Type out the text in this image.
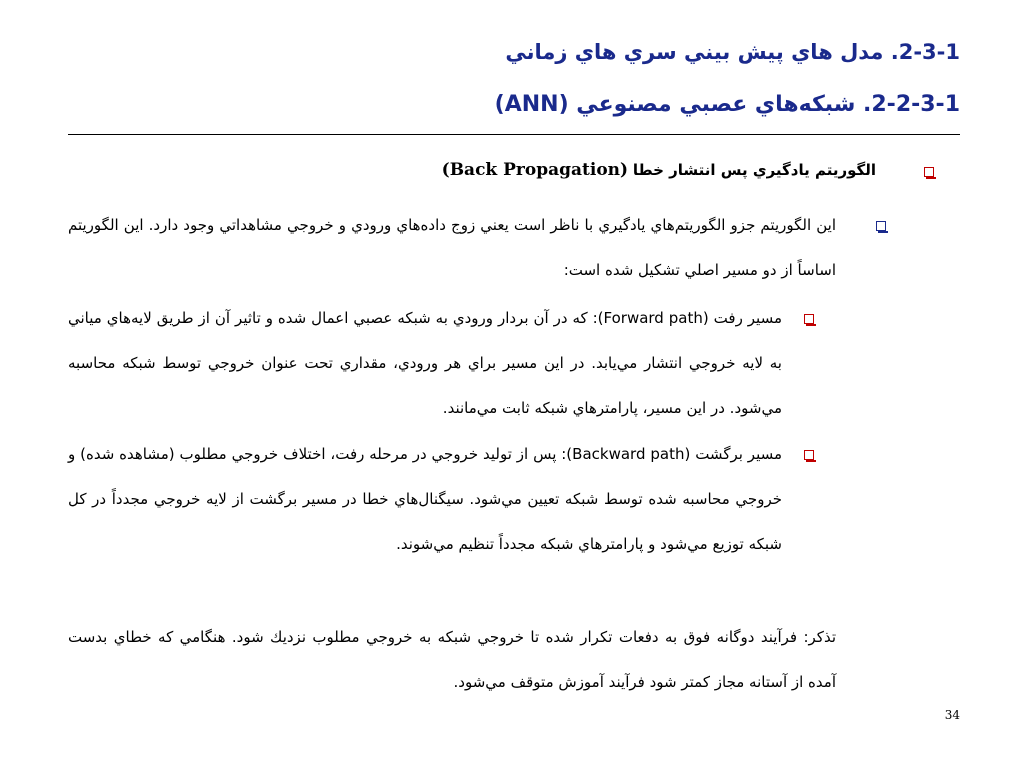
2-3-1. مدل هاي پيش بيني سري هاي زماني
2-2-3-1. شبکه‌هاي عصبي مصنوعي (ANN)
الگوريتم يادگيري پس انتشار خطا (Back Propagation)
اين الگوريتم جزو الگوريتم‌هاي يادگيري با ناظر است يعني زوج داده‌هاي ورودي و خروجي مشاهداتي وجود دارد. اين الگوريتم اساساً از دو مسير اصلي تشکيل شده است:
مسير رفت (Forward path): که در آن بردار ورودي به شبکه عصبي اعمال شده و تاثير آن از طريق لايه‌هاي مياني به لايه خروجي انتشار مي‌يابد. در اين مسير براي هر ورودي، مقداري تحت عنوان خروجي توسط شبکه محاسبه مي‌شود. در اين مسير، پارامترهاي شبکه ثابت مي‌مانند.
مسير برگشت (Backward path): پس از توليد خروجي در مرحله رفت، اختلاف خروجي مطلوب (مشاهده شده) و خروجي محاسبه شده توسط شبکه تعيين مي‌شود. سيگنال‌هاي خطا در مسير برگشت از لايه خروجي مجدداً در کل شبکه توزيع مي‌شود و پارامترهاي شبکه مجدداً تنظيم مي‌شوند.
تذکر: فرآيند دوگانه فوق به دفعات تکرار شده تا خروجي شبکه به خروجي مطلوب نزديك شود. هنگامي که خطاي بدست آمده از آستانه مجاز کمتر شود فرآيند آموزش متوقف مي‌شود.
34
